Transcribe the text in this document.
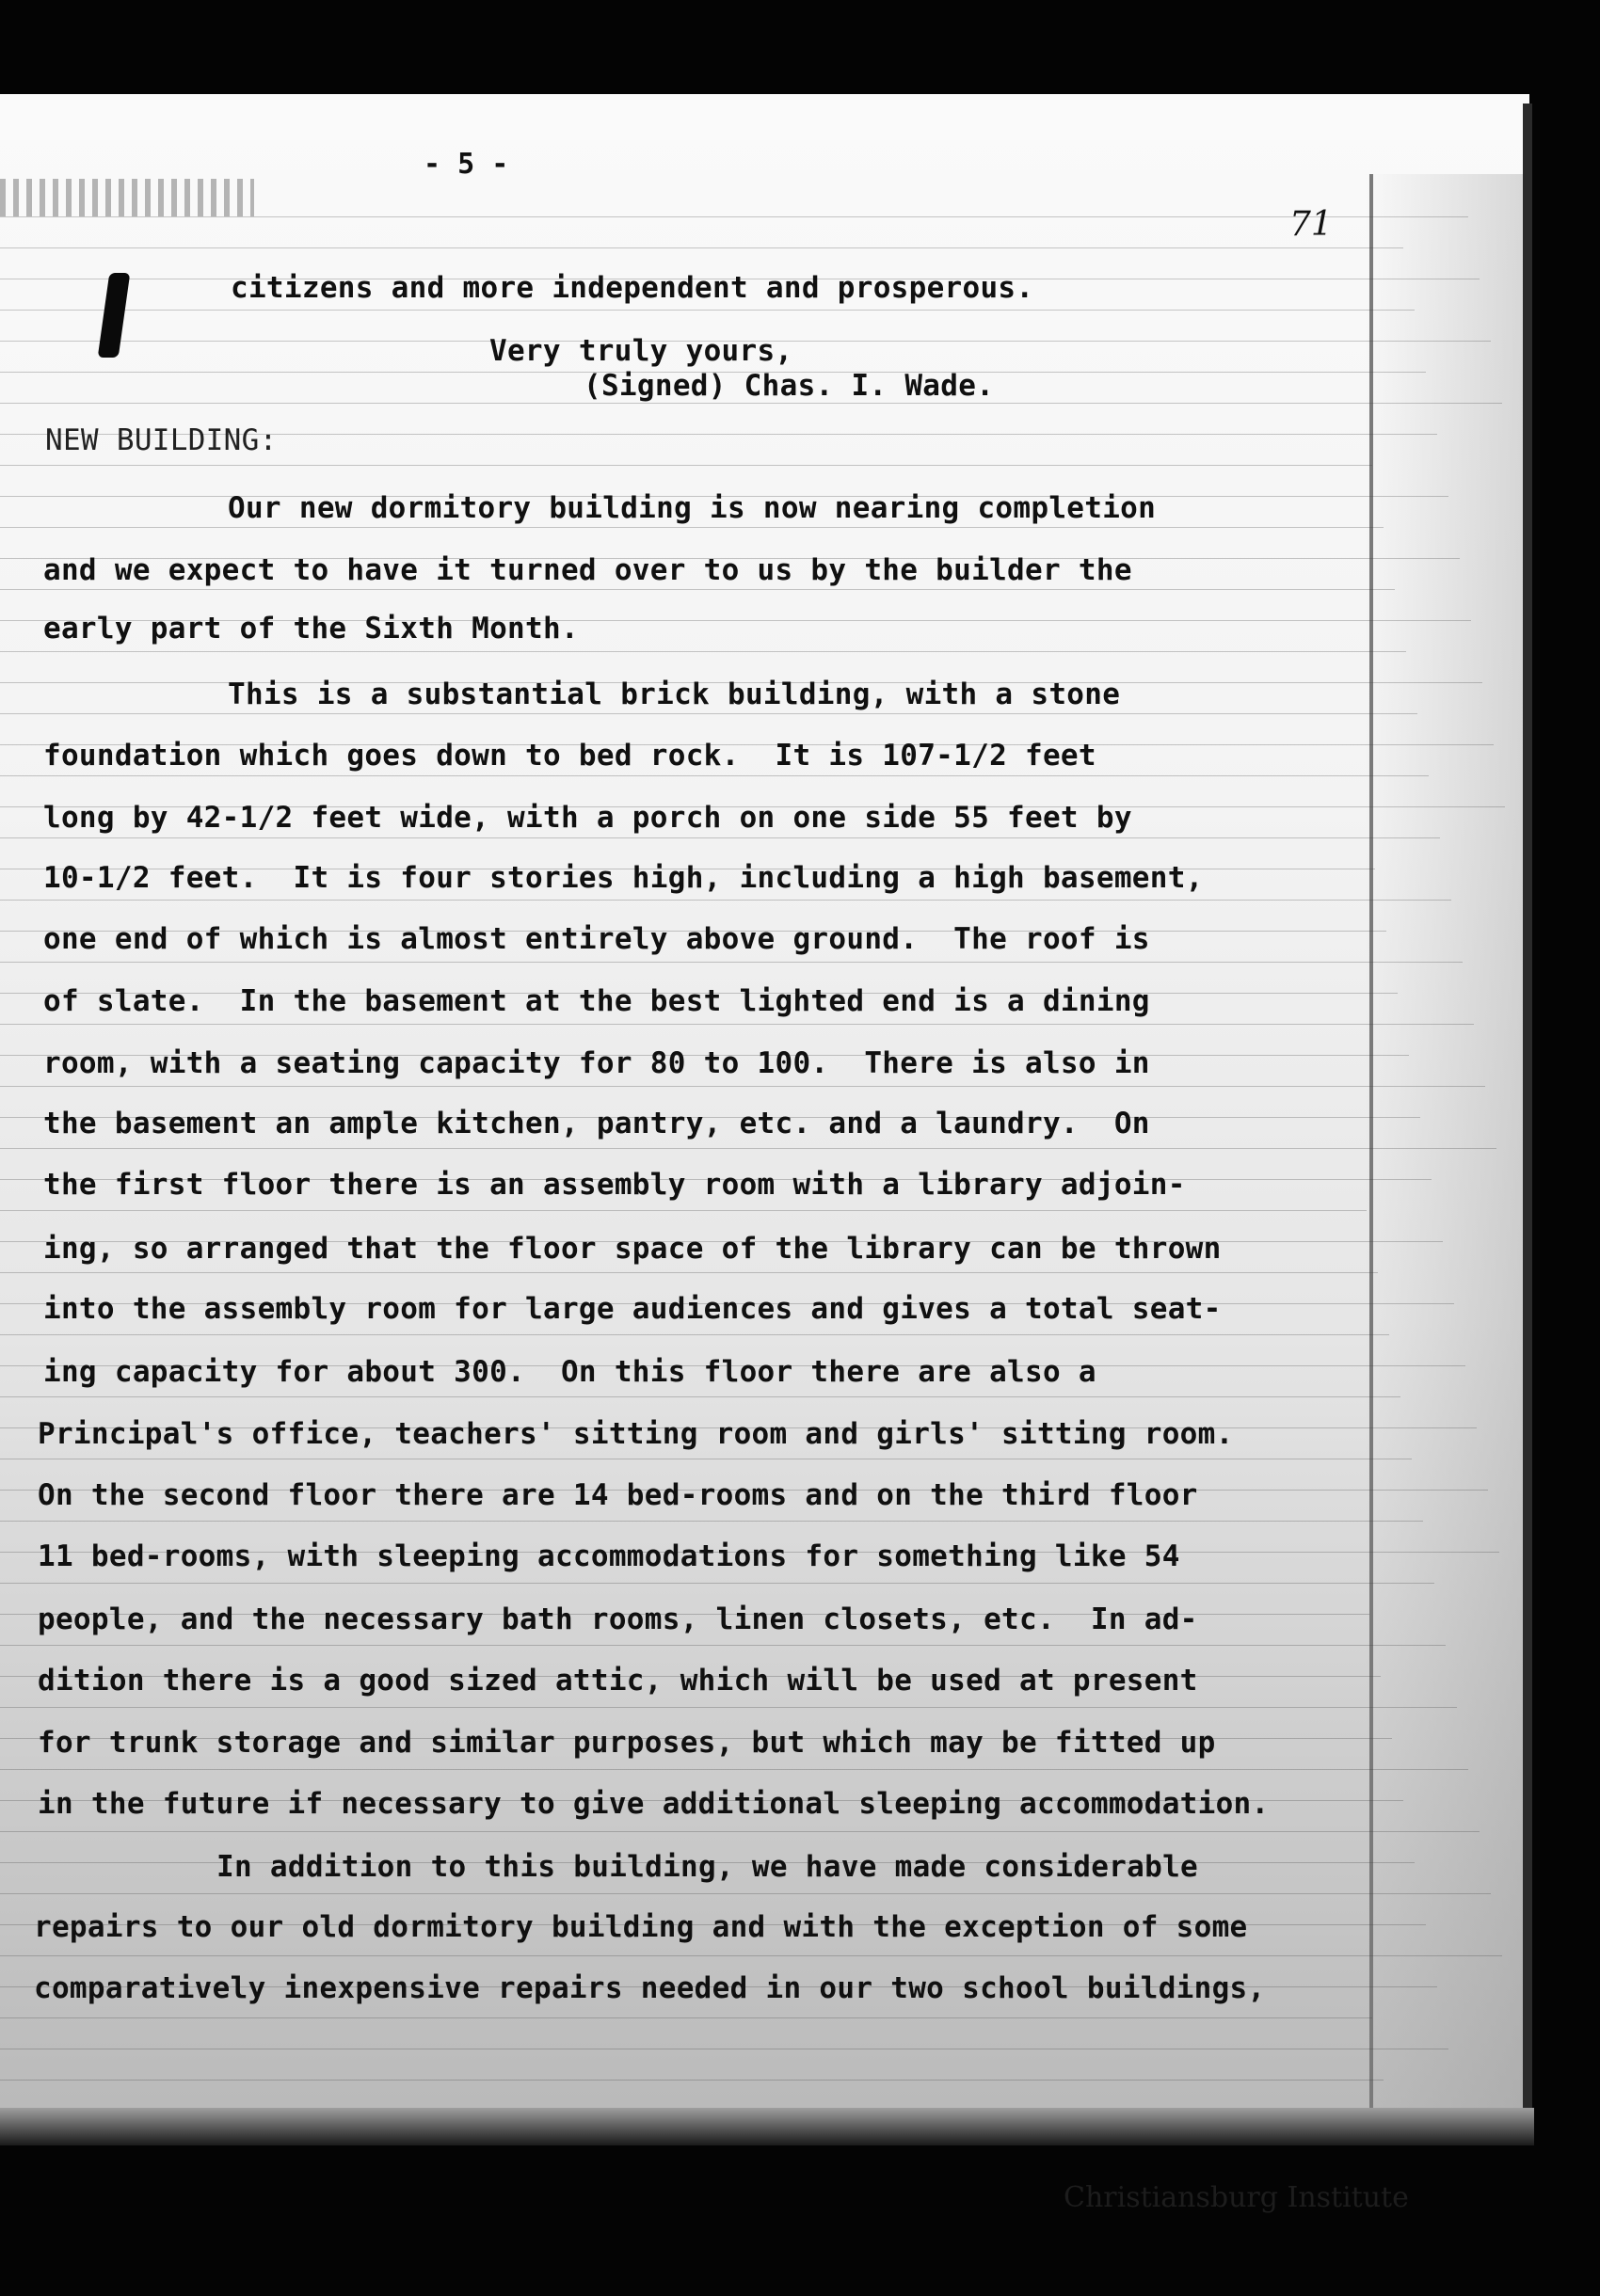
- 5 -
71
citizens and more independent and prosperous.
Very truly yours,
(Signed) Chas. I. Wade.
NEW BUILDING:
Our new dormitory building is now nearing completion
and we expect to have it turned over to us by the builder the
early part of the Sixth Month.
This is a substantial brick building, with a stone
foundation which goes down to bed rock.  It is 107-1/2 feet
long by 42-1/2 feet wide, with a porch on one side 55 feet by
10-1/2 feet.  It is four stories high, including a high basement,
one end of which is almost entirely above ground.  The roof is
of slate.  In the basement at the best lighted end is a dining
room, with a seating capacity for 80 to 100.  There is also in
the basement an ample kitchen, pantry, etc. and a laundry.  On
the first floor there is an assembly room with a library adjoin-
ing, so arranged that the floor space of the library can be thrown
into the assembly room for large audiences and gives a total seat-
ing capacity for about 300.  On this floor there are also a
Principal's office, teachers' sitting room and girls' sitting room.
On the second floor there are 14 bed-rooms and on the third floor
11 bed-rooms, with sleeping accommodations for something like 54
people, and the necessary bath rooms, linen closets, etc.  In ad-
dition there is a good sized attic, which will be used at present
for trunk storage and similar purposes, but which may be fitted up
in the future if necessary to give additional sleeping accommodation.
In addition to this building, we have made considerable
repairs to our old dormitory building and with the exception of some
comparatively inexpensive repairs needed in our two school buildings,
Christiansburg Institute
